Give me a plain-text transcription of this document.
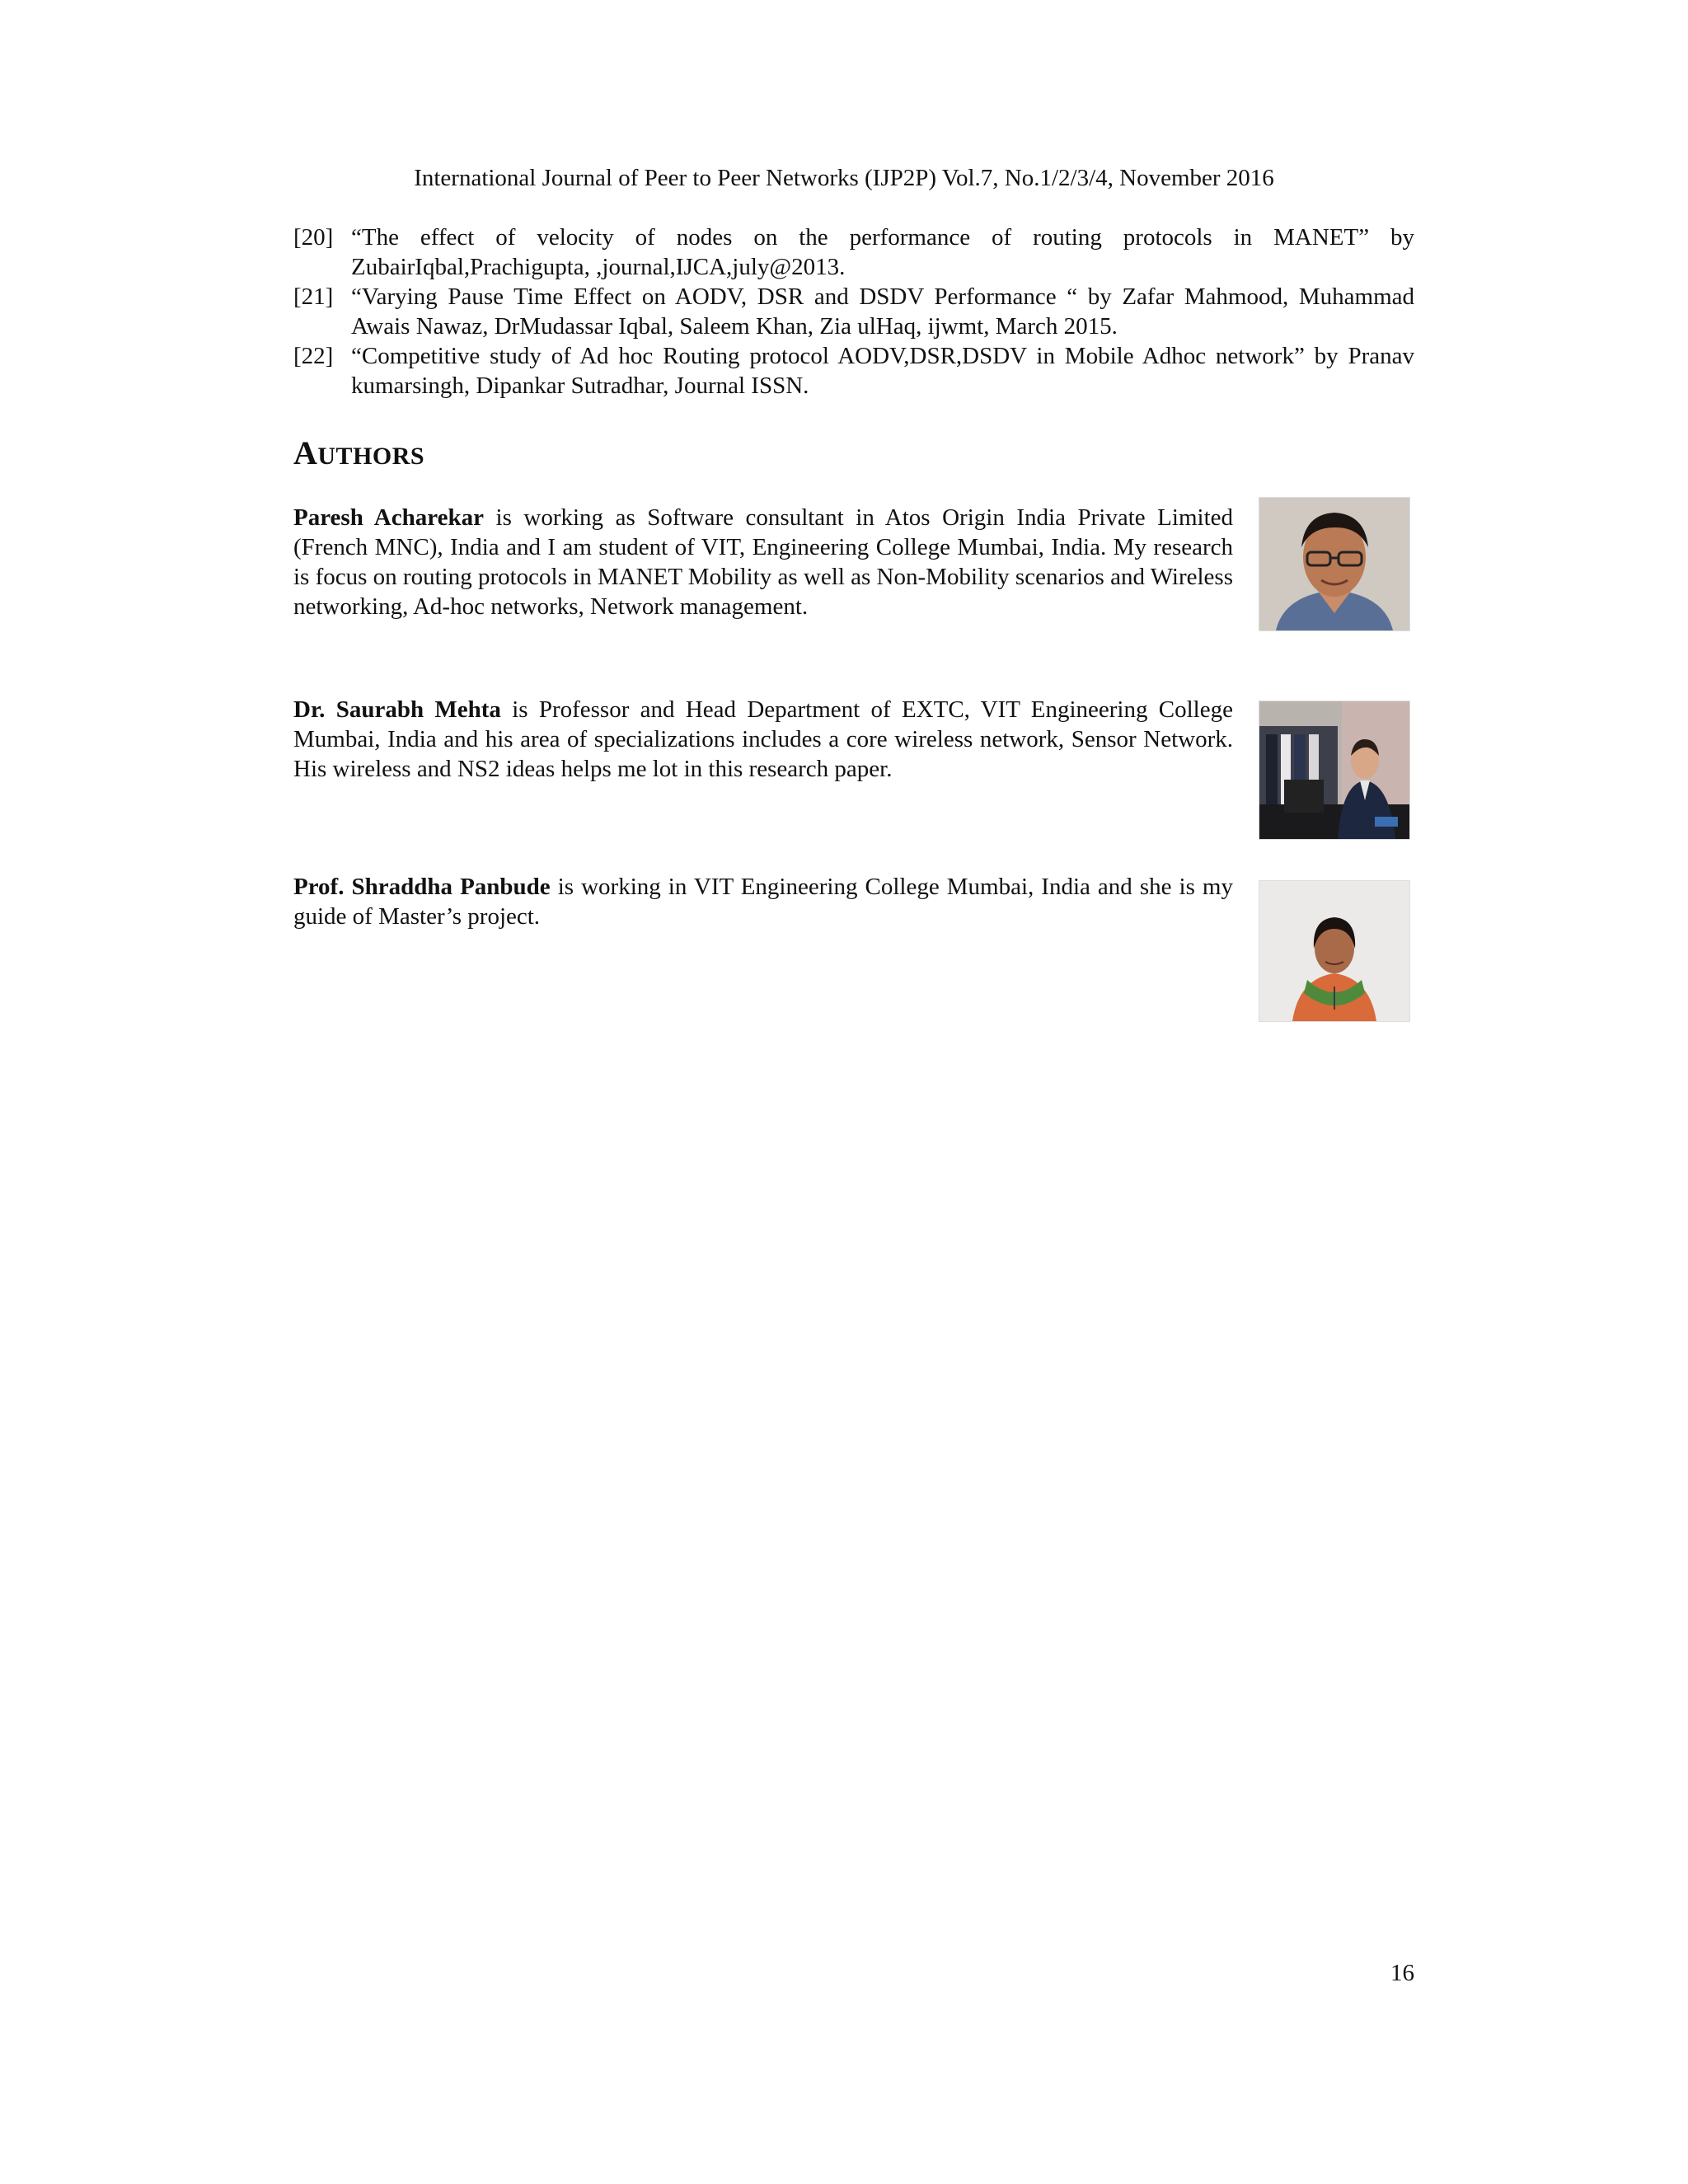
International Journal of Peer to Peer Networks (IJP2P) Vol.7, No.1/2/3/4, November 2016
[20] “The effect of velocity of nodes on the performance of routing protocols in MANET” by ZubairIqbal,Prachigupta, ,journal,IJCA,july@2013.
[21] “Varying Pause Time Effect on AODV, DSR and DSDV Performance “ by Zafar Mahmood, Muhammad Awais Nawaz, DrMudassar Iqbal, Saleem Khan, Zia ulHaq, ijwmt, March 2015.
[22] “Competitive study of Ad hoc Routing protocol AODV,DSR,DSDV in Mobile Adhoc network” by Pranav kumarsingh, Dipankar Sutradhar, Journal ISSN.
AUTHORS
Paresh Acharekar is working as Software consultant in Atos Origin India Private Limited (French MNC), India and I am student of VIT, Engineering College Mumbai, India. My research is focus on routing protocols in MANET Mobility as well as Non-Mobility scenarios and Wireless networking, Ad-hoc networks, Network management.
Dr. Saurabh Mehta is Professor and Head Department of EXTC, VIT Engineering College Mumbai, India and his area of specializations includes a core wireless network, Sensor Network. His wireless and NS2 ideas helps me lot in this research paper.
Prof. Shraddha Panbude is working in VIT Engineering College Mumbai, India and she is my guide of Master’s project.
16
